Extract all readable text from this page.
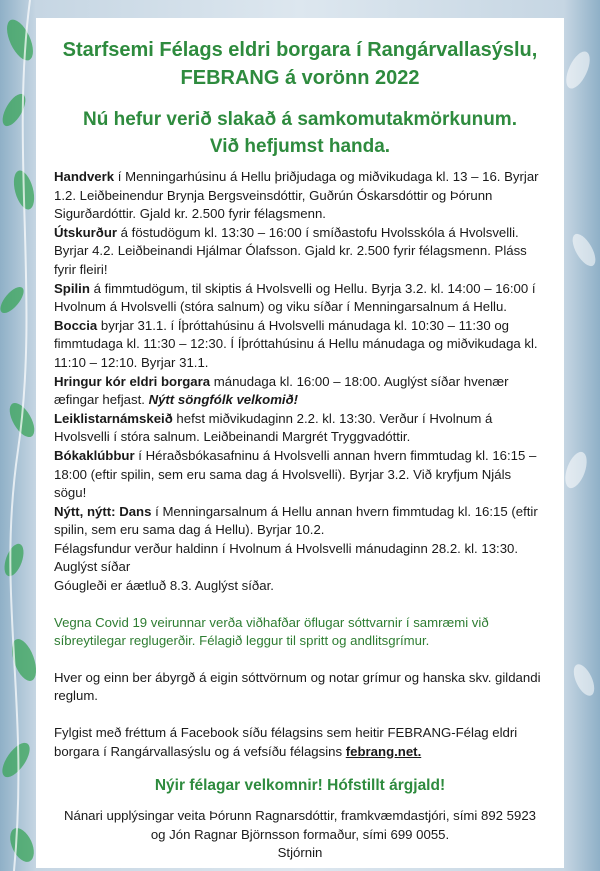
Starfsemi Félags eldri borgara í Rangárvallasýslu,
FEBRANG á vorönn 2022
Nú hefur verið slakað á samkomutakmörkunum.
Við hefjumst handa.

Handverk í Menningarhúsinu á Hellu þriðjudaga og miðvikudaga kl. 13 – 16. Byrjar 1.2. Leiðbeinendur Brynja Bergsveinsdóttir, Guðrún Óskarsdóttir og Þórunn Sigurðardóttir. Gjald kr. 2.500 fyrir félagsmenn.

Útskurður á föstudögum kl. 13:30 – 16:00 í smíðastofu Hvolsskóla á Hvolsvelli. Byrjar 4.2. Leiðbeinandi Hjálmar Ólafsson. Gjald kr. 2.500 fyrir félagsmenn. Pláss fyrir fleiri!

Spilin á fimmtudögum, til skiptis á Hvolsvelli og Hellu. Byrja 3.2. kl. 14:00 – 16:00 í Hvolnum á Hvolsvelli (stóra salnum) og viku síðar í Menningarsalnum á Hellu.

Boccia byrjar 31.1. í Íþróttahúsinu á Hvolsvelli mánudaga kl. 10:30 – 11:30 og fimmtudaga kl. 11:30 – 12:30. Í Íþróttahúsinu á Hellu mánudaga og miðvikudaga kl. 11:10 – 12:10. Byrjar 31.1.

Hringur kór eldri borgara mánudaga kl. 16:00 – 18:00. Auglýst síðar hvenær æfingar hefjast. Nýtt söngfólk velkomið!

Leiklistarnámskeið hefst miðvikudaginn 2.2. kl. 13:30. Verður í Hvolnum á Hvolsvelli í stóra salnum. Leiðbeinandi Margrét Tryggvadóttir.

Bókaklúbbur í Héraðsbókasafninu á Hvolsvelli annan hvern fimmtudag kl. 16:15 – 18:00 (eftir spilin, sem eru sama dag á Hvolsvelli). Byrjar 3.2. Við kryfjum Njáls sögu!

Nýtt, nýtt: Dans í Menningarsalnum á Hellu annan hvern fimmtudag kl. 16:15 (eftir spilin, sem eru sama dag á Hellu). Byrjar 10.2.

Félagsfundur verður haldinn í Hvolnum á Hvolsvelli mánudaginn 28.2. kl. 13:30. Auglýst síðar

Góugleði er áætluð 8.3. Auglýst síðar.

Vegna Covid 19 veirunnar verða viðhafðar öflugar sóttvarnir í samræmi við síbreytilegar reglugerðir. Félagið leggur til spritt og andlitsgrímur.

Hver og einn ber ábyrgð á eigin sóttvörnum og notar grímur og hanska skv. gildandi reglum.

Fylgist með fréttum á Facebook síðu félagsins sem heitir FEBRANG-Félag eldri borgara í Rangárvallasýslu og á vefsíðu félagsins febrang.net.

Nýir félagar velkomnir! Hófstillt árgjald!

Nánari upplýsingar veita Þórunn Ragnarsdóttir, framkvæmdastjóri, sími 892 5923

og Jón Ragnar Björnsson formaður, sími 699 0055.

Stjórnin
